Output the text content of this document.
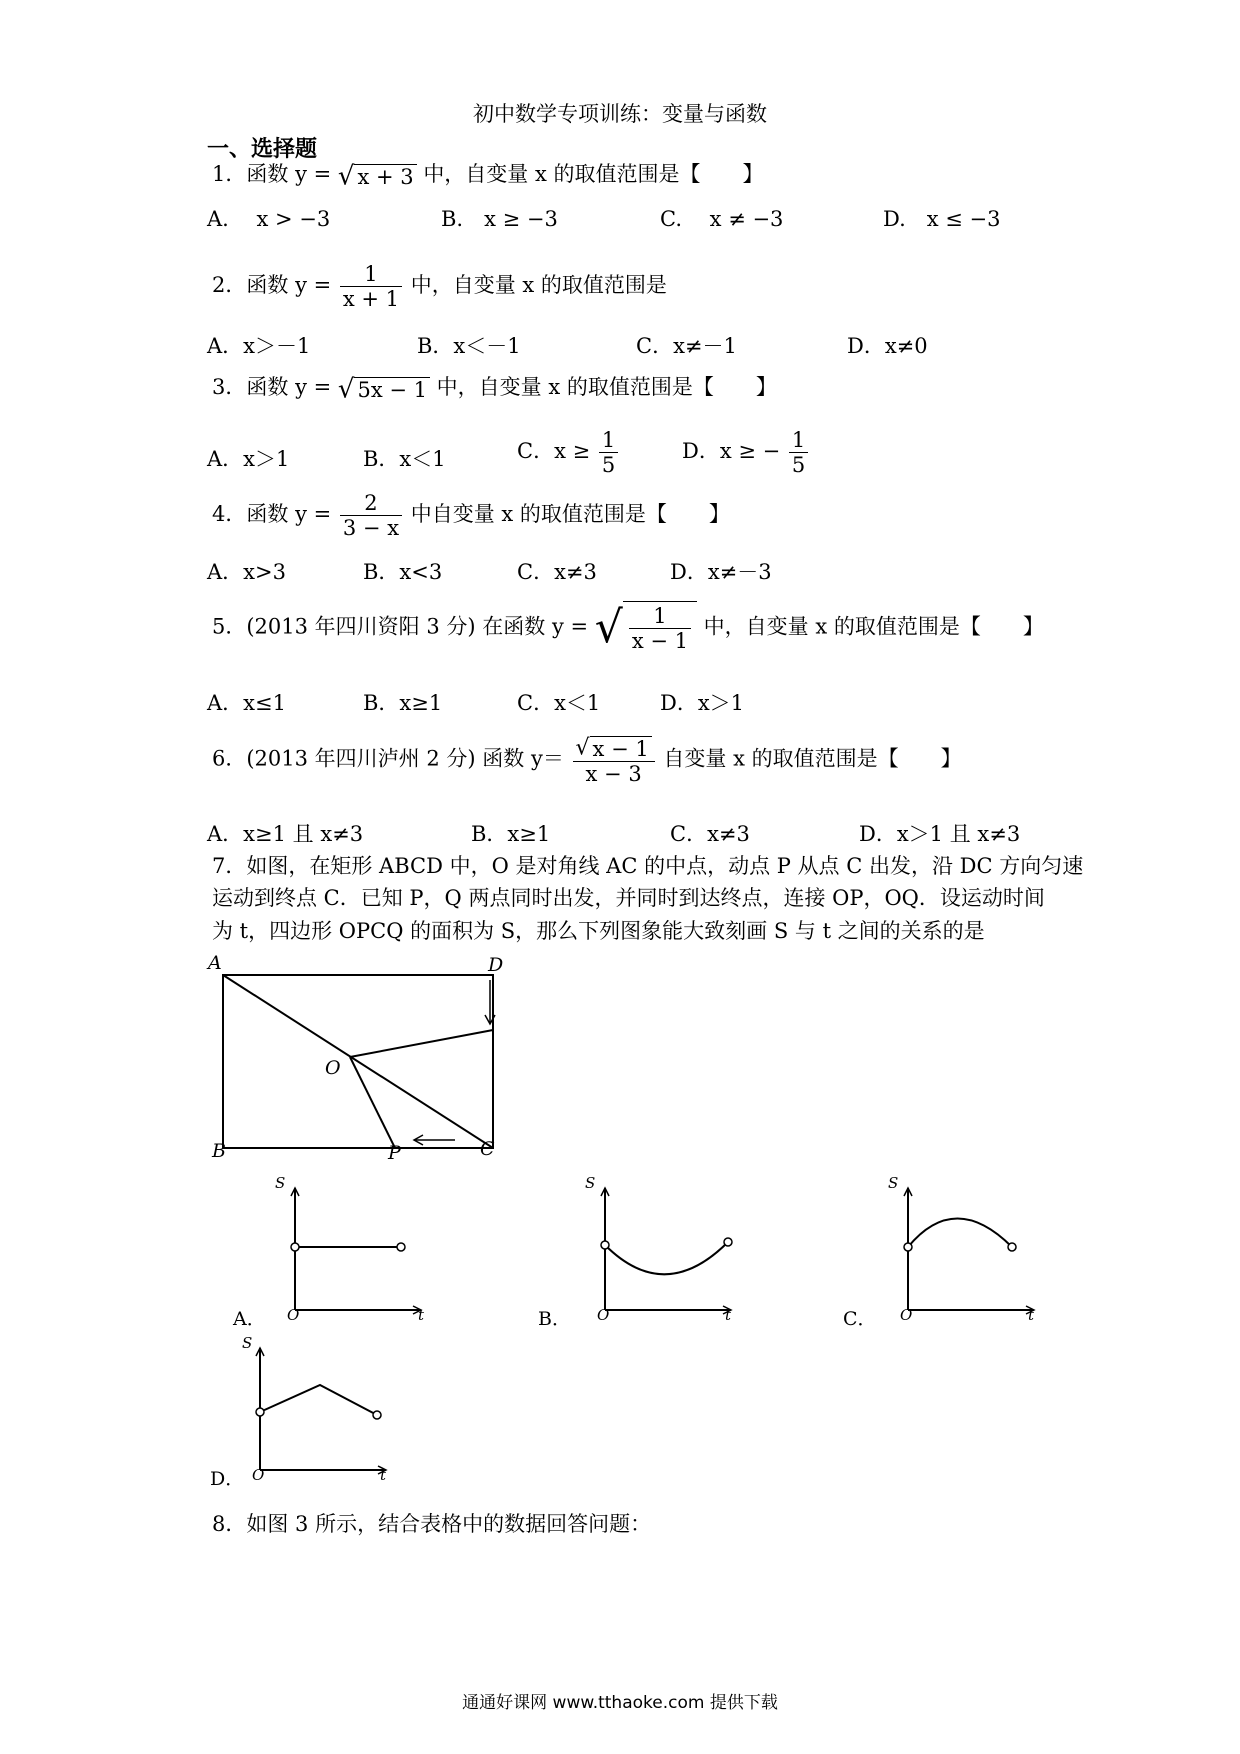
初中数学专项训练：变量与函数
一、选择题
1．函数 y = √ x + 3 中，自变量 x 的取值范围是【　　】
A.　 x > −3	B.　x ≥ −3	C.　 x ≠ −3	D.　x ≤ −3
2．函数 $y = \frac{1}{x + 1}$ 中，自变量 x 的取值范围是
A．x＞－1	B．x＜－1	C．x≠－1	D．x≠0
3．函数 y = √ 5x − 1 中，自变量 x 的取值范围是【　　】
A．x＞1	B．x＜1	C．$x \ge \frac{1}{5}$	D．x ≥ − $\frac{1}{5}$
4．函数 $y = \frac{2}{3 - x}$ 中自变量 x 的取值范围是【　　】
A．x>3	B．x<3	C．x≠3	D．x≠－3
5．(2013 年四川资阳 3 分) 在函数 y = √ $\frac{1}{x - 1}$ 中，自变量 x 的取值范围是【　　】
A．x≤1	B．x≥1	C．x＜1	D．x＞1
6．(2013 年四川泸州 2 分) 函数 $y= \frac{√ x - 1}{x - 3}$ 自变量 x 的取值范围是【　　】
A．x≥1 且 x≠3	B．x≥1	C．x≠3	D．x＞1 且 x≠3
7．如图，在矩形 ABCD 中，O 是对角线 AC 的中点，动点 P 从点 C 出发，沿 DC 方向匀速
运动到终点 C．已知 P，Q 两点同时出发，并同时到达终点，连接 OP，OQ．设运动时间
为 t，四边形 OPCQ 的面积为 S，那么下列图象能大致刻画 S 与 t 之间的关系的是
A	D
O
B	P	C
A．
S
O	t	B．
S
O	t	C．
S
O	t
D．
S
O	t
8．如图 3 所示，结合表格中的数据回答问题：
通通好课网 www.tthaoke.com 提供下载
